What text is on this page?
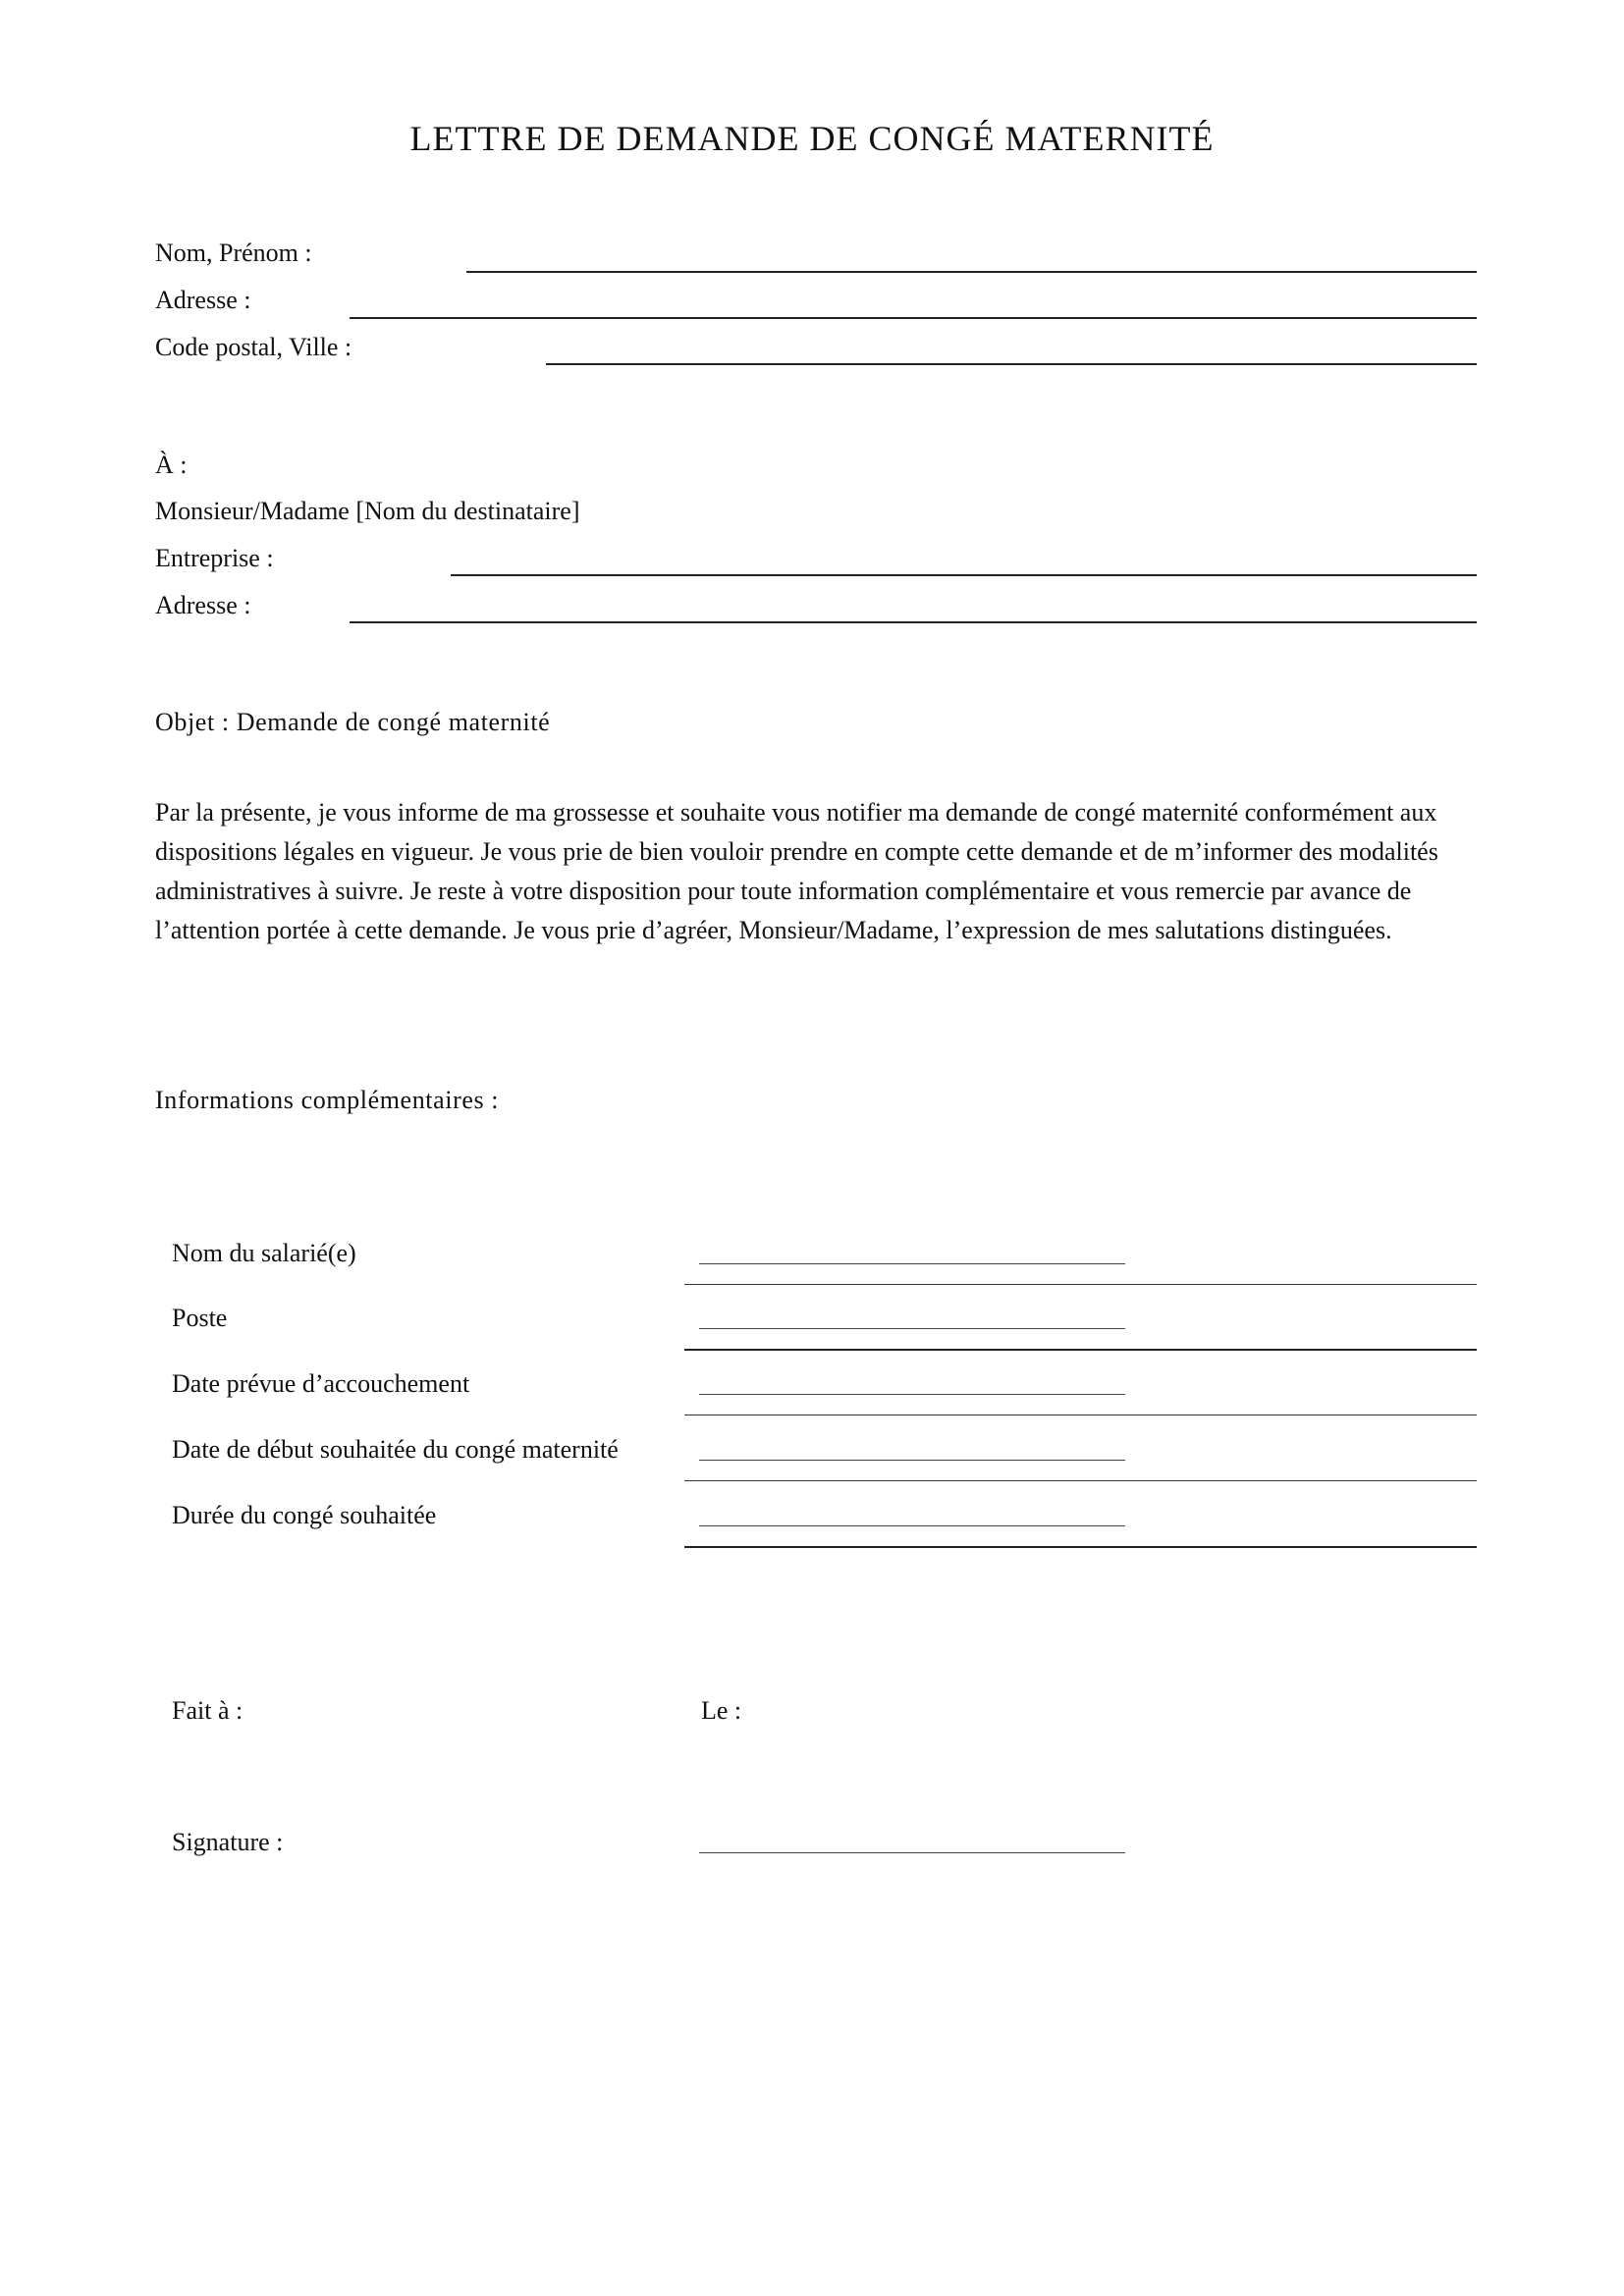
LETTRE DE DEMANDE DE CONGÉ MATERNITÉ
Nom, Prénom :
Adresse :
Code postal, Ville :
À :
Monsieur/Madame [Nom du destinataire]
Entreprise :
Adresse :
Objet : Demande de congé maternité

Par la présente, je vous informe de ma grossesse et souhaite vous notifier ma demande de congé maternité conformément aux dispositions légales en vigueur. Je vous prie de bien vouloir prendre en compte cette demande et de m’informer des modalités administratives à suivre. Je reste à votre disposition pour toute information complémentaire et vous remercie par avance de l’attention portée à cette demande. Je vous prie d’agréer, Monsieur/Madame, l’expression de mes salutations distinguées.

Informations complémentaires :
Nom du salarié(e)
Poste
Date prévue d’accouchement
Date de début souhaitée du congé maternité
Durée du congé souhaitée
Fait à :	Le :
Signature :
